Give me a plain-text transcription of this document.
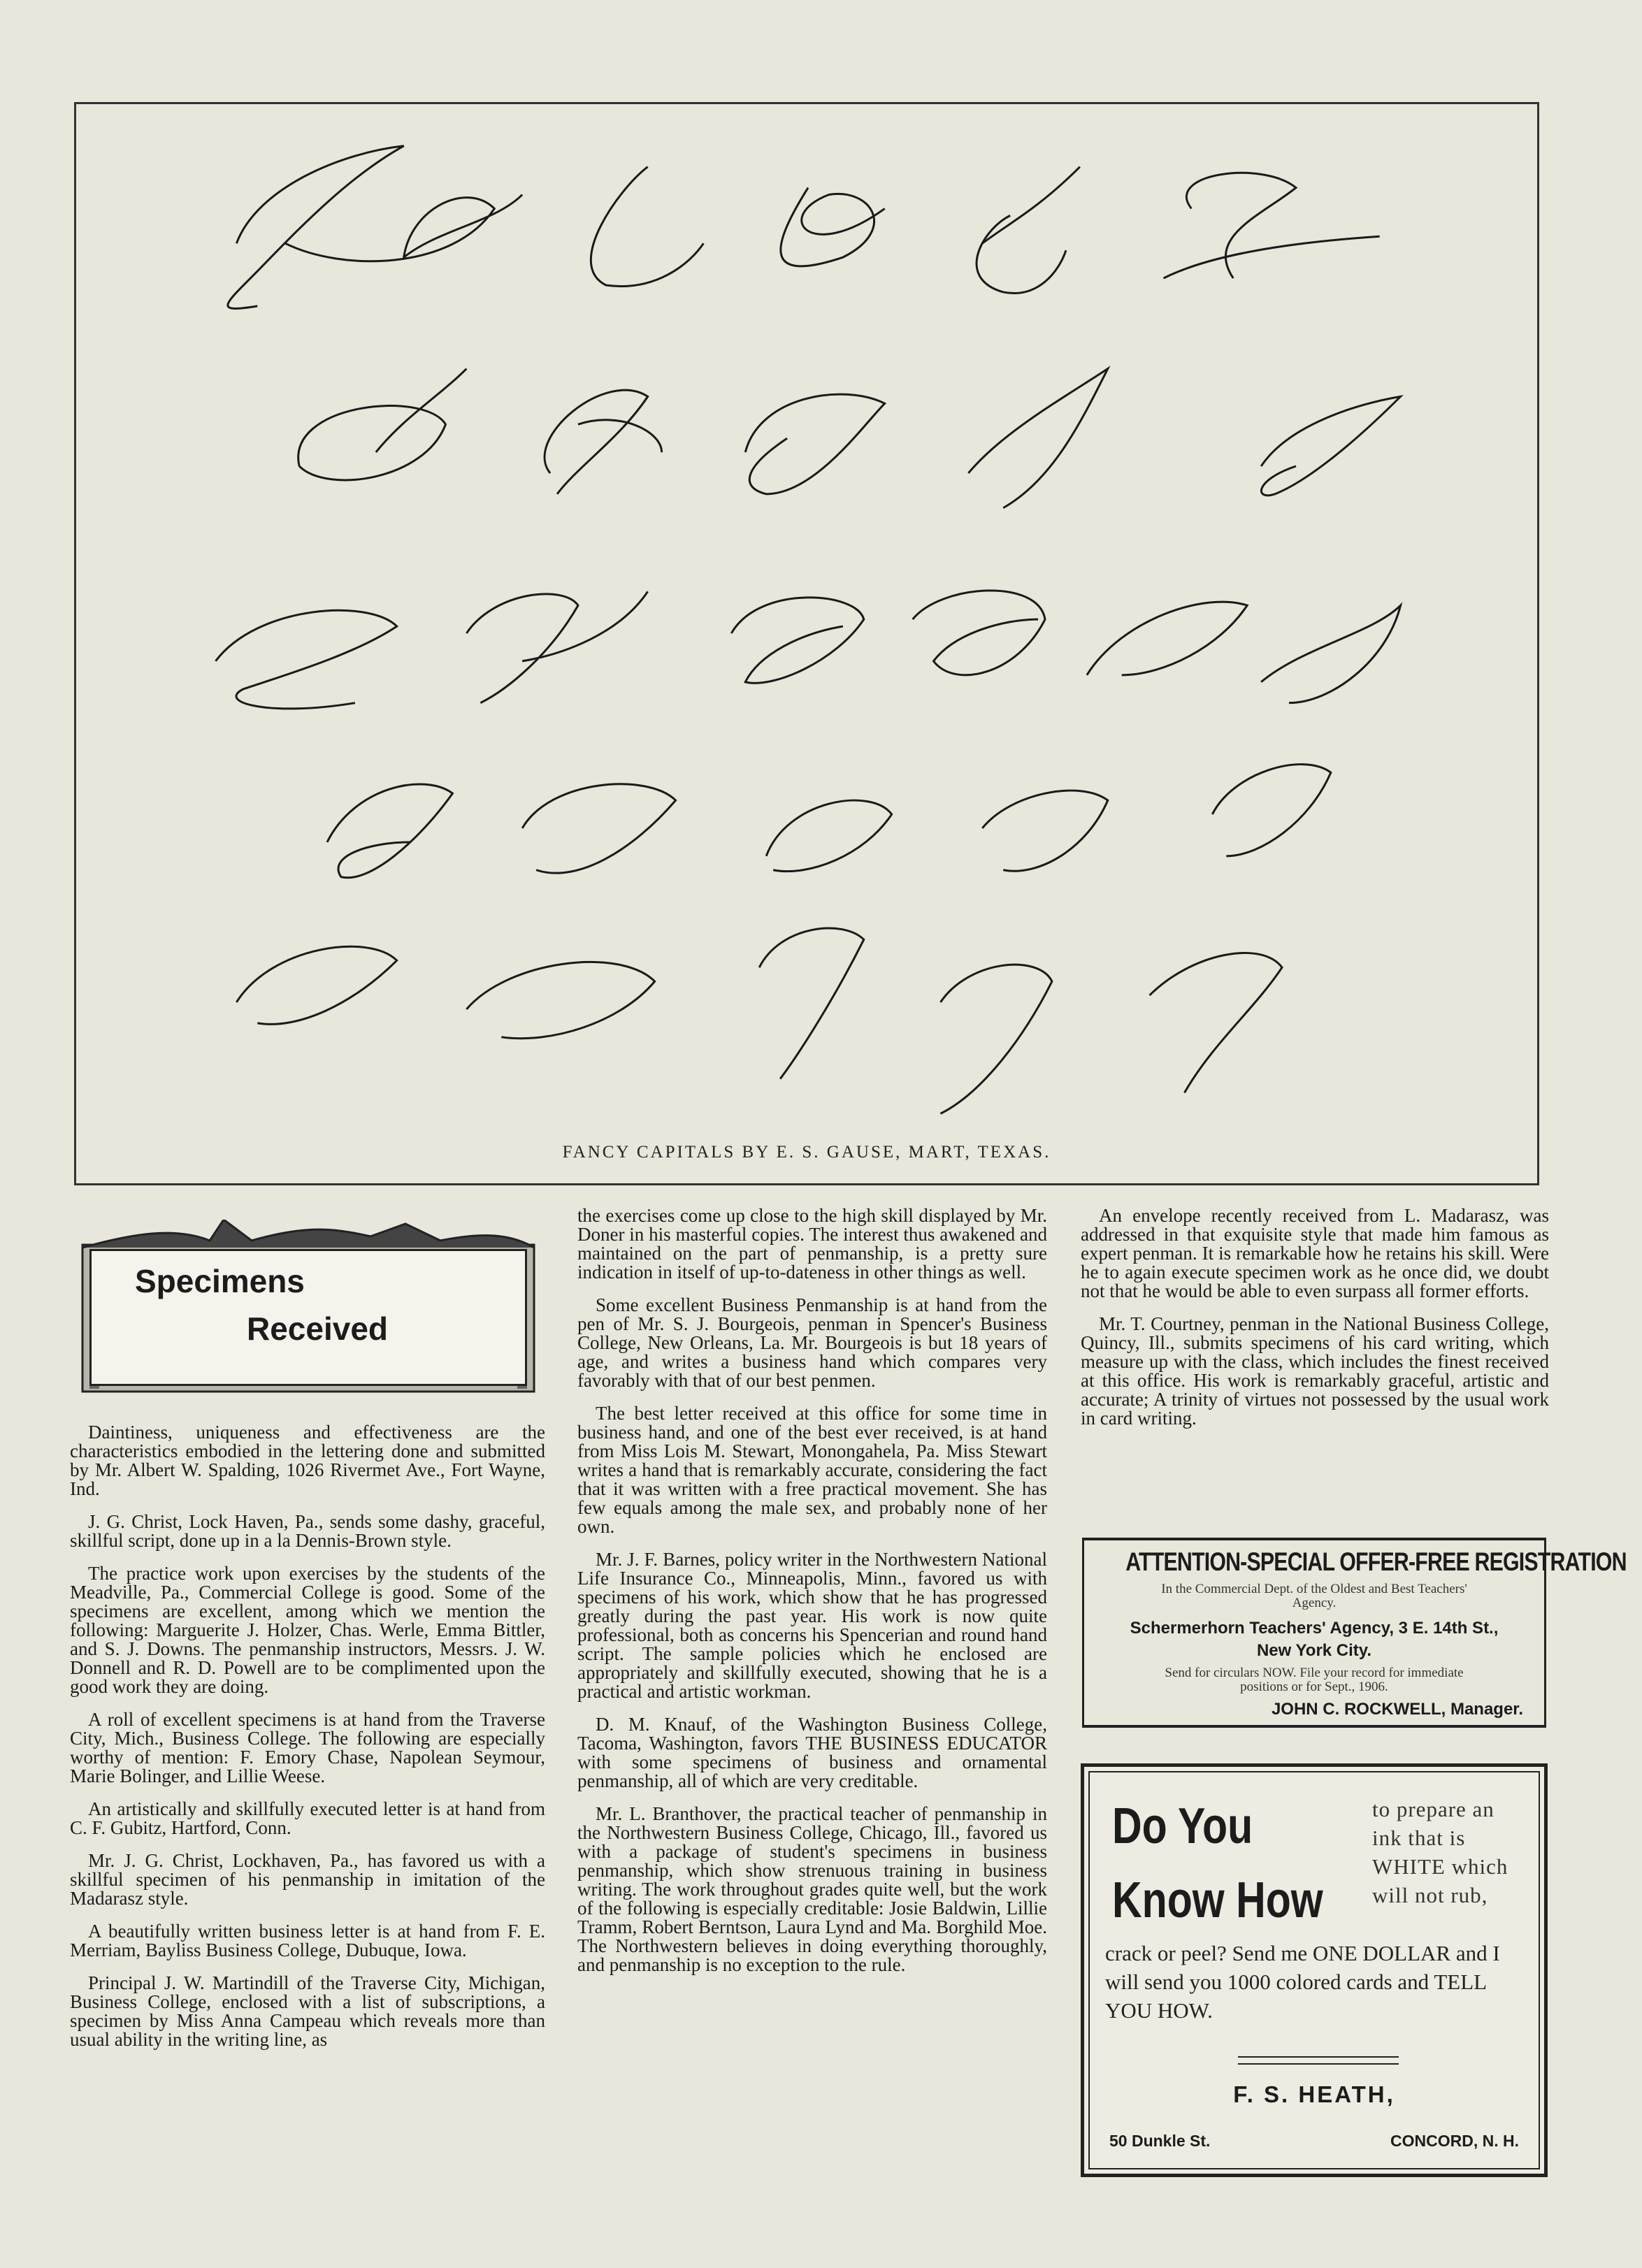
FANCY CAPITALS BY E. S. GAUSE, MART, TEXAS.
Specimens
Received

Daintiness, uniqueness and effectiveness are the characteristics embodied in the lettering done and submitted by Mr. Albert W. Spalding, 1026 Rivermet Ave., Fort Wayne, Ind.

J. G. Christ, Lock Haven, Pa., sends some dashy, graceful, skillful script, done up in a la Dennis-Brown style.

The practice work upon exercises by the students of the Meadville, Pa., Commercial College is good. Some of the specimens are excellent, among which we mention the following: Marguerite J. Holzer, Chas. Werle, Emma Bittler, and S. J. Downs. The penmanship instructors, Messrs. J. W. Donnell and R. D. Powell are to be complimented upon the good work they are doing.

A roll of excellent specimens is at hand from the Traverse City, Mich., Business College. The following are especially worthy of mention: F. Emory Chase, Napolean Seymour, Marie Bolinger, and Lillie Weese.

An artistically and skillfully executed letter is at hand from C. F. Gubitz, Hartford, Conn.

Mr. J. G. Christ, Lockhaven, Pa., has favored us with a skillful specimen of his penmanship in imitation of the Madarasz style.

A beautifully written business letter is at hand from F. E. Merriam, Bayliss Business College, Dubuque, Iowa.

Principal J. W. Martindill of the Traverse City, Michigan, Business College, enclosed with a list of subscriptions, a specimen by Miss Anna Campeau which reveals more than usual ability in the writing line, as

the exercises come up close to the high skill displayed by Mr. Doner in his masterful copies. The interest thus awakened and maintained on the part of penmanship, is a pretty sure indication in itself of up-to-dateness in other things as well.

Some excellent Business Penmanship is at hand from the pen of Mr. S. J. Bourgeois, penman in Spencer's Business College, New Orleans, La. Mr. Bourgeois is but 18 years of age, and writes a business hand which compares very favorably with that of our best penmen.

The best letter received at this office for some time in business hand, and one of the best ever received, is at hand from Miss Lois M. Stewart, Monongahela, Pa. Miss Stewart writes a hand that is remarkably accurate, considering the fact that it was written with a free practical movement. She has few equals among the male sex, and probably none of her own.

Mr. J. F. Barnes, policy writer in the Northwestern National Life Insurance Co., Minneapolis, Minn., favored us with specimens of his work, which show that he has progressed greatly during the past year. His work is now quite professional, both as concerns his Spencerian and round hand script. The sample policies which he enclosed are appropriately and skillfully executed, showing that he is a practical and artistic workman.

D. M. Knauf, of the Washington Business College, Tacoma, Washington, favors THE BUSINESS EDUCATOR with some specimens of business and ornamental penmanship, all of which are very creditable.

Mr. L. Branthover, the practical teacher of penmanship in the Northwestern Business College, Chicago, Ill., favored us with a package of student's specimens in business penmanship, which show strenuous training in business writing. The work throughout grades quite well, but the work of the following is especially creditable: Josie Baldwin, Lillie Tramm, Robert Berntson, Laura Lynd and Ma. Borghild Moe. The Northwestern believes in doing everything thoroughly, and penmanship is no exception to the rule.

An envelope recently received from L. Madarasz, was addressed in that exquisite style that made him famous as expert penman. It is remarkable how he retains his skill. Were he to again execute specimen work as he once did, we doubt not that he would be able to even surpass all former efforts.

Mr. T. Courtney, penman in the National Business College, Quincy, Ill., submits specimens of his card writing, which measure up with the class, which includes the finest received at this office. His work is remarkably graceful, artistic and accurate; A trinity of virtues not possessed by the usual work in card writing.

ATTENTION-SPECIAL OFFER-FREE REGISTRATION
In the Commercial Dept. of the Oldest and Best Teachers' Agency.
Schermerhorn Teachers' Agency, 3 E. 14th St.,
New York City.
Send for circulars NOW. File your record for immediate positions or for Sept., 1906.
JOHN C. ROCKWELL, Manager.
Do You
Know How
to prepare an ink that is WHITE which will not rub,
crack or peel? Send me ONE DOLLAR and I will send you 1000 colored cards and TELL YOU HOW.
F. S. HEATH,
50 Dunkle St.	CONCORD, N. H.
